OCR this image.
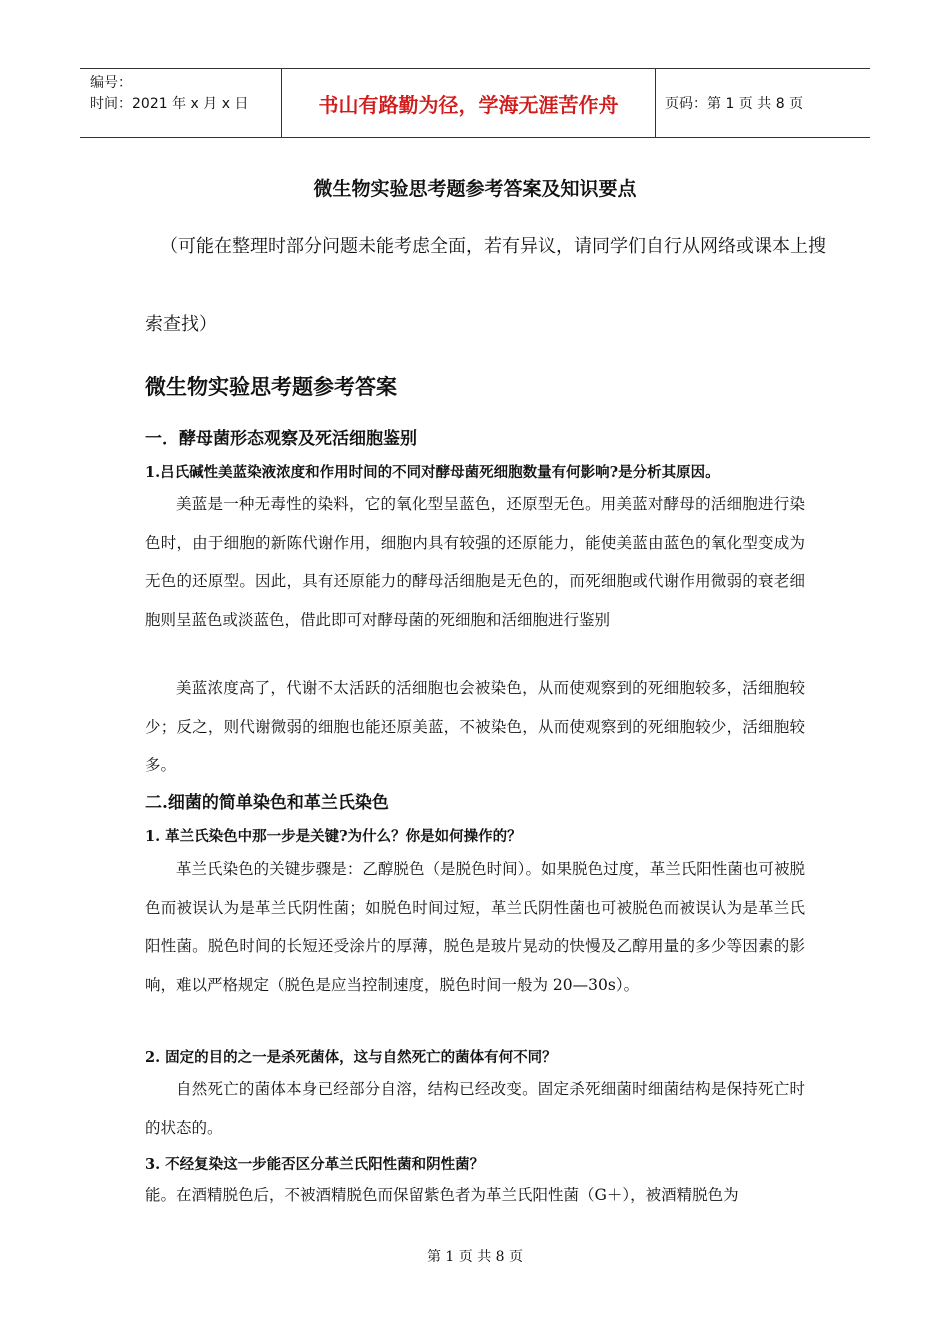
编号：
时间：2021 年 x 月 x 日	书山有路勤为径，学海无涯苦作舟	页码：第 1 页 共 8 页
微生物实验思考题参考答案及知识要点
（可能在整理时部分问题未能考虑全面，若有异议，请同学们自行从网络或课本上搜
索查找）
微生物实验思考题参考答案
一．酵母菌形态观察及死活细胞鉴别
1.吕氏碱性美蓝染液浓度和作用时间的不同对酵母菌死细胞数量有何影响?是分析其原因。

美蓝是一种无毒性的染料，它的氧化型呈蓝色，还原型无色。用美蓝对酵母的活细胞进行染色时，由于细胞的新陈代谢作用，细胞内具有较强的还原能力，能使美蓝由蓝色的氧化型变成为无色的还原型。因此，具有还原能力的酵母活细胞是无色的，而死细胞或代谢作用微弱的衰老细胞则呈蓝色或淡蓝色，借此即可对酵母菌的死细胞和活细胞进行鉴别

美蓝浓度高了，代谢不太活跃的活细胞也会被染色，从而使观察到的死细胞较多，活细胞较少；反之，则代谢微弱的细胞也能还原美蓝，不被染色，从而使观察到的死细胞较少，活细胞较多。

二.细菌的简单染色和革兰氏染色
1. 革兰氏染色中那一步是关键?为什么？你是如何操作的？

革兰氏染色的关键步骤是：乙醇脱色（是脱色时间）。如果脱色过度，革兰氏阳性菌也可被脱色而被误认为是革兰氏阴性菌；如脱色时间过短，革兰氏阴性菌也可被脱色而被误认为是革兰氏阳性菌。脱色时间的长短还受涂片的厚薄，脱色是玻片晃动的快慢及乙醇用量的多少等因素的影响，难以严格规定（脱色是应当控制速度，脱色时间一般为 20—30s）。

2. 固定的目的之一是杀死菌体，这与自然死亡的菌体有何不同？

自然死亡的菌体本身已经部分自溶，结构已经改变。固定杀死细菌时细菌结构是保持死亡时的状态的。

3. 不经复染这一步能否区分革兰氏阳性菌和阴性菌？

能。在酒精脱色后，不被酒精脱色而保留紫色者为革兰氏阳性菌（G＋），被酒精脱色为

第 1 页 共 8 页
